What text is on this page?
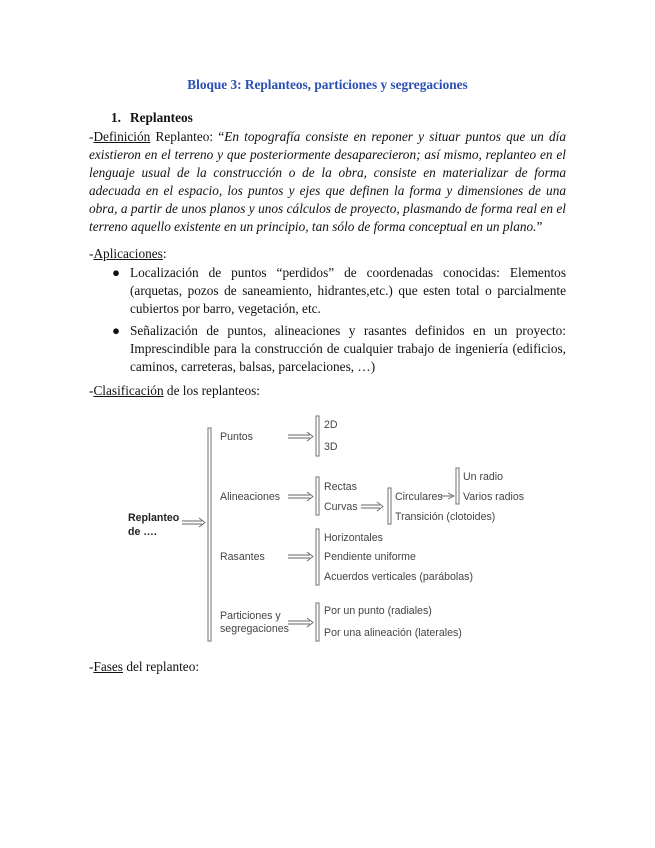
Bloque 3: Replanteos, particiones y segregaciones
1. Replanteos
-Definición Replanteo: “En topografía consiste en reponer y situar puntos que un día existieron en el terreno y que posteriormente desaparecieron; así mismo, replanteo en el lenguaje usual de la construcción o de la obra, consiste en materializar de forma adecuada en el espacio, los puntos y ejes que definen la forma y dimensiones de una obra, a partir de unos planos y unos cálculos de proyecto, plasmando de forma real en el terreno aquello existente en un principio, tan sólo de forma conceptual en un plano.”
-Aplicaciones:
● Localización de puntos “perdidos” de coordenadas conocidas: Elementos (arquetas, pozos de saneamiento, hidrantes,etc.) que esten total o parcialmente cubiertos por barro, vegetación, etc.
● Señalización de puntos, alineaciones y rasantes definidos en un proyecto: Imprescindible para la construcción de cualquier trabajo de ingeniería (edificios, caminos, carreteras, balsas, parcelaciones, …)
-Clasificación de los replanteos:
Replanteo
de ….
Puntos
2D
3D
Alineaciones
Rectas
Curvas
Circulares
Transición (clotoides)
Un radio
Varios radios
Rasantes
Horizontales
Pendiente uniforme
Acuerdos verticales (parábolas)
Particiones y
segregaciones
Por un punto (radiales)
Por una alineación (laterales)
-Fases del replanteo:
